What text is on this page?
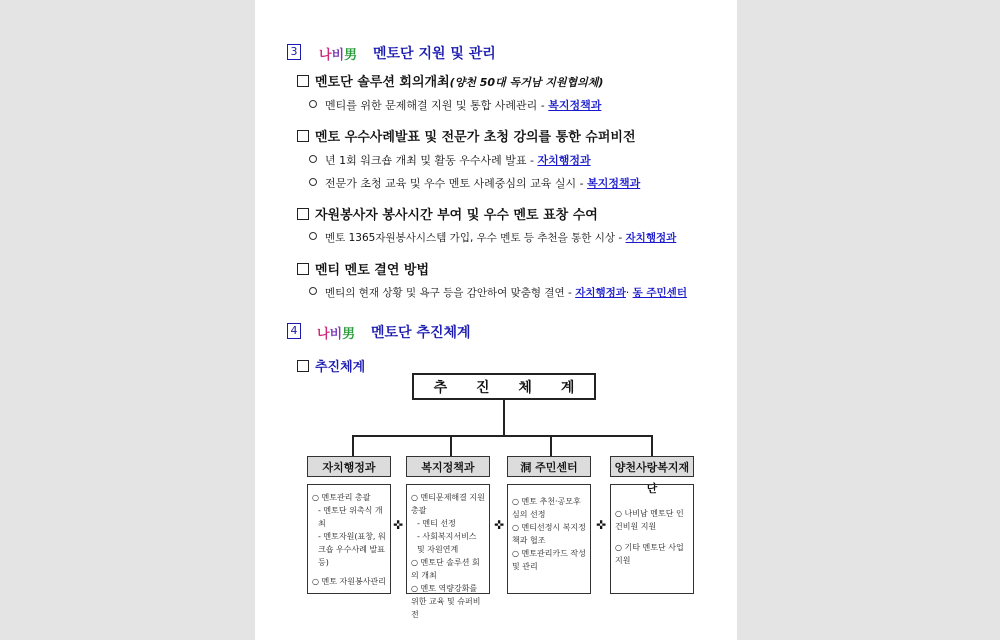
3 나비男 멘토단 지원 및 관리
멘토단 솔루션 회의개최(양천 50대 독거남 지원협의체)
멘티를 위한 문제해결 지원 및 통합 사례관리 - 복지정책과
멘토 우수사례발표 및 전문가 초청 강의를 통한 슈퍼비전
년 1회 워크숍 개최 및 활동 우수사례 발표 - 자치행정과
전문가 초청 교육 및 우수 멘토 사례중심의 교육 실시 - 복지정책과
자원봉사자 봉사시간 부여 및 우수 멘토 표창 수여
멘토 1365자원봉사시스템 가입, 우수 멘토 등 추천을 통한 시상 - 자치행정과
멘티 멘토 결연 방법
멘티의 현재 상황 및 욕구 등을 감안하여 맞춤형 결연 - 자치행정과· 동 주민센터
4 나비男 멘토단 추진체계
추진체계
추 진 체 계
자치행정과

○ 멘토관리 총괄

- 멘토단 위촉식 개최

- 멘토자원(표창, 워크숍 우수사례 발표 등)

○ 멘토 자원봉사관리

✜
복지정책과

○ 멘티문제해결 지원총괄

- 멘티 선정

- 사회복지서비스 및 자원연계

○ 멘토단 솔루션 회의 개최

○ 멘토 역량강화를 위한 교육 및 슈퍼비전

✜
洞 주민센터

○ 멘토 추천·공모후 심의 선정

○ 멘티선정시 복지정책과 협조

○ 멘토관리카드 작성 및 관리

✜
양천사랑복지재단

○ 나비남 멘토단 인건비원 지원

○ 기타 멘토단 사업 지원
